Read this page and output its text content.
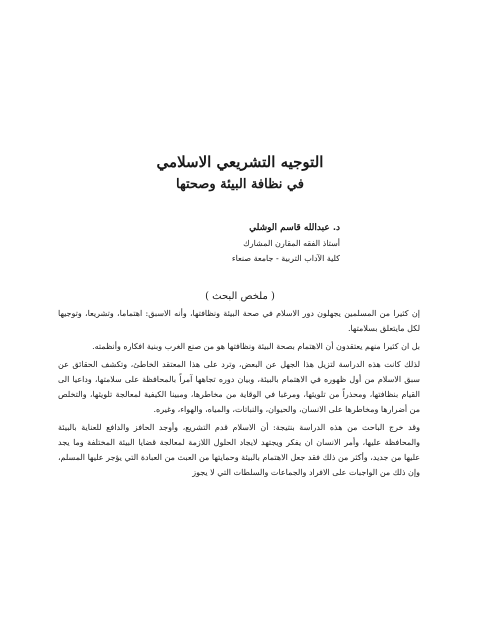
التوجيه التشريعي الاسلامي
في نظافة البيئة وصحتها
د. عبدالله قاسم الوشلي
أستاذ الفقه المقارن المشارك
كلية الآداب التربية - جامعة صنعاء
( ملخص البحث )

إن كثيرا من المسلمين يجهلون دور الاسلام في صحة البيئة ونظافتها، وأنه الاسبق: اهتماما، وتشريعا، وتوجيها لكل مايتعلق بسلامتها.

بل ان كثيرا منهم يعتقدون أن الاهتمام بصحة البيئة ونظافتها هو من صنع الغرب وبنية افكاره وأنظمته.

لذلك كانت هذه الدراسة لتزيل هذا الجهل عن البعض، وترد على هذا المعتقد الخاطئ، وتكشف الحقائق عن سبق الاسلام من أول ظهوره في الاهتمام بالبيئة، وبيان دوره تجاهها آمراً بالمحافظة على سلامتها، وداعيا الى القيام بنظافتها، ومحذراً من تلويثها، ومرغبا في الوقاية من مخاطرها، ومبينا الكيفية لمعالجة تلويثها، والتخلص من أضرارها ومخاطرها على الانسان، والحيوان، والنباتات، والمياه، والهواء، وغيره.

وقد خرج الباحث من هذه الدراسة بنتيجة: أن الاسلام قدم التشريع، وأوجد الحافز والدافع للعناية بالبيئة والمحافظة عليها، وأمر الانسان ان يفكر ويجتهد لايجاد الحلول اللازمة لمعالجة قضايا البيئة المختلفة وما يجد عليها من جديد، وأكثر من ذلك فقد جعل الاهتمام بالبيئة وحمايتها من العبث من العبادة التي يؤجر عليها المسلم، وإن ذلك من الواجبات على الافراد والجماعات والسلطات التي لا يجوز
